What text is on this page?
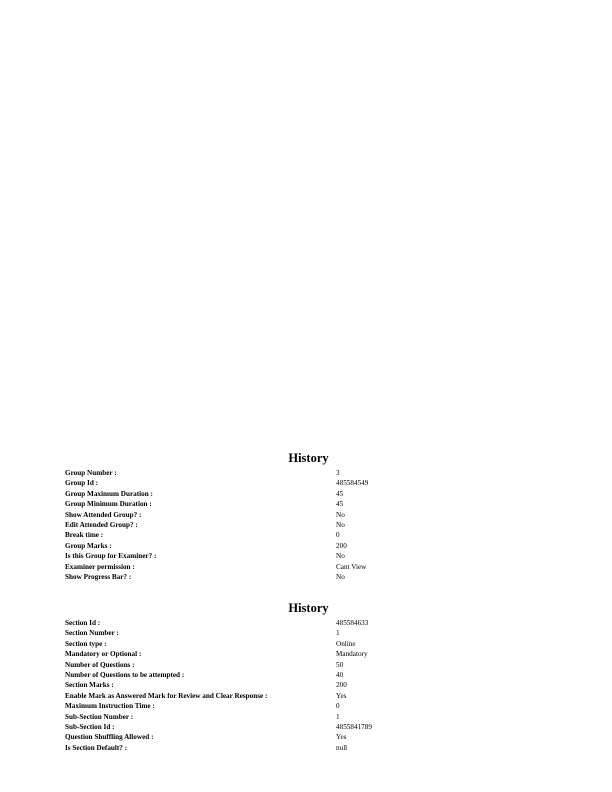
·
History
Group Number :	3
Group Id :	485584549
Group Maximum Duration :	45
Group Minimum Duration :	45
Show Attended Group? :	No
Edit Attended Group? :	No
Break time :	0
Group Marks :	200
Is this Group for Examiner? :	No
Examiner permission :	Cant View
Show Progress Bar? :	No
History
Section Id :	485584633
Section Number :	1
Section type :	Online
Mandatory or Optional :	Mandatory
Number of Questions :	50
Number of Questions to be attempted :	40
Section Marks :	200
Enable Mark as Answered Mark for Review and Clear Response :	Yes
Maximum Instruction Time :	0
Sub-Section Number :	1
Sub-Section Id :	4855841789
Question Shuffling Allowed :	Yes
Is Section Default? :	null
